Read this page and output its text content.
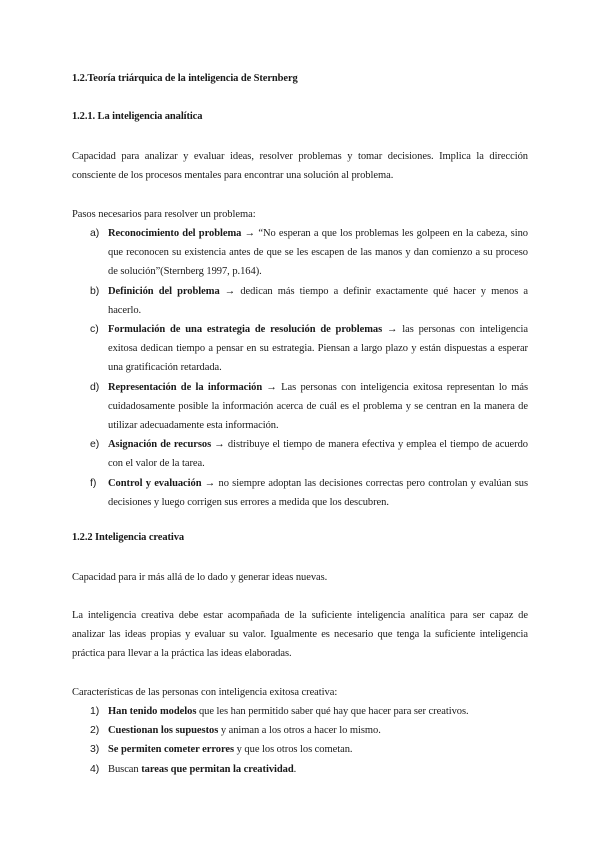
1.2.Teoría triárquica de la inteligencia de Sternberg
1.2.1. La inteligencia analítica
Capacidad para analizar y evaluar ideas, resolver problemas y tomar decisiones. Implica la dirección consciente de los procesos mentales para encontrar una solución al problema.
Pasos necesarios para resolver un problema:
a) Reconocimiento del problema → “No esperan a que los problemas les golpeen en la cabeza, sino que reconocen su existencia antes de que se les escapen de las manos y dan comienzo a su proceso de solución”(Sternberg 1997, p.164).
b) Definición del problema → dedican más tiempo a definir exactamente qué hacer y menos a hacerlo.
c) Formulación de una estrategia de resolución de problemas → las personas con inteligencia exitosa dedican tiempo a pensar en su estrategia. Piensan a largo plazo y están dispuestas a esperar una gratificación retardada.
d) Representación de la información → Las personas con inteligencia exitosa representan lo más cuidadosamente posible la información acerca de cuál es el problema y se centran en la manera de utilizar adecuadamente esta información.
e) Asignación de recursos → distribuye el tiempo de manera efectiva y emplea el tiempo de acuerdo con el valor de la tarea.
f) Control y evaluación → no siempre adoptan las decisiones correctas pero controlan y evalúan sus decisiones y luego corrigen sus errores a medida que los descubren.
1.2.2 Inteligencia creativa
Capacidad para ir más allá de lo dado y generar ideas nuevas.
La inteligencia creativa debe estar acompañada de la suficiente inteligencia analítica para ser capaz de analizar las ideas propias y evaluar su valor. Igualmente es necesario que tenga la suficiente inteligencia práctica para llevar a la práctica las ideas elaboradas.
Características de las personas con inteligencia exitosa creativa:
1) Han tenido modelos que les han permitido saber qué hay que hacer para ser creativos.
2) Cuestionan los supuestos y animan a los otros a hacer lo mismo.
3) Se permiten cometer errores y que los otros los cometan.
4) Buscan tareas que permitan la creatividad.
